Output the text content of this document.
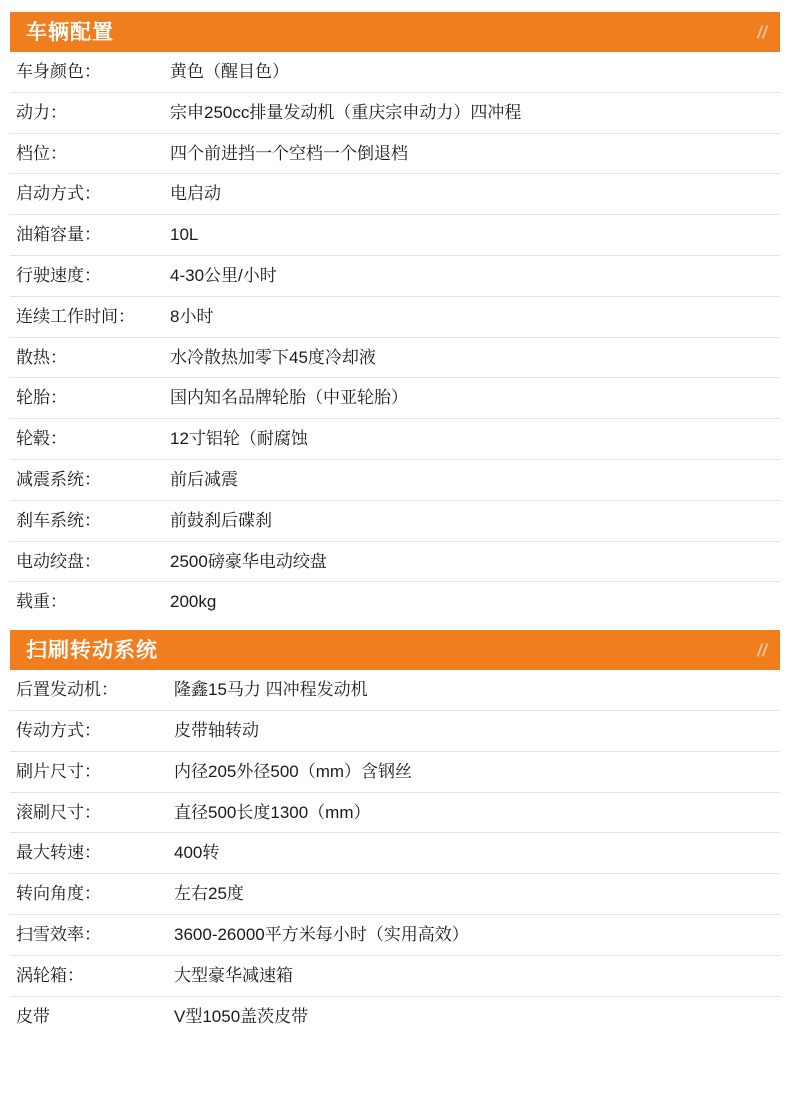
车辆配置
车身颜色：	黄色（醒目色）
动力：	宗申250cc排量发动机（重庆宗申动力）四冲程
档位：	四个前进挡一个空档一个倒退档
启动方式：	电启动
油箱容量：	10L
行驶速度：	4-30公里/小时
连续工作时间：	8小时
散热：	水冷散热加零下45度冷却液
轮胎：	国内知名品牌轮胎（中亚轮胎）
轮毂：	12寸铝轮（耐腐蚀
减震系统：	前后减震
刹车系统：	前鼓刹后碟刹
电动绞盘：	2500磅豪华电动绞盘
载重：	200kg
扫刷转动系统
后置发动机：	隆鑫15马力 四冲程发动机
传动方式：	皮带轴转动
刷片尺寸：	内径205外径500（mm）含钢丝
滚刷尺寸：	直径500长度1300（mm）
最大转速：	400转
转向角度：	左右25度
扫雪效率：	3600-26000平方米每小时（实用高效）
涡轮箱：	大型豪华减速箱
皮带	V型1050盖茨皮带
